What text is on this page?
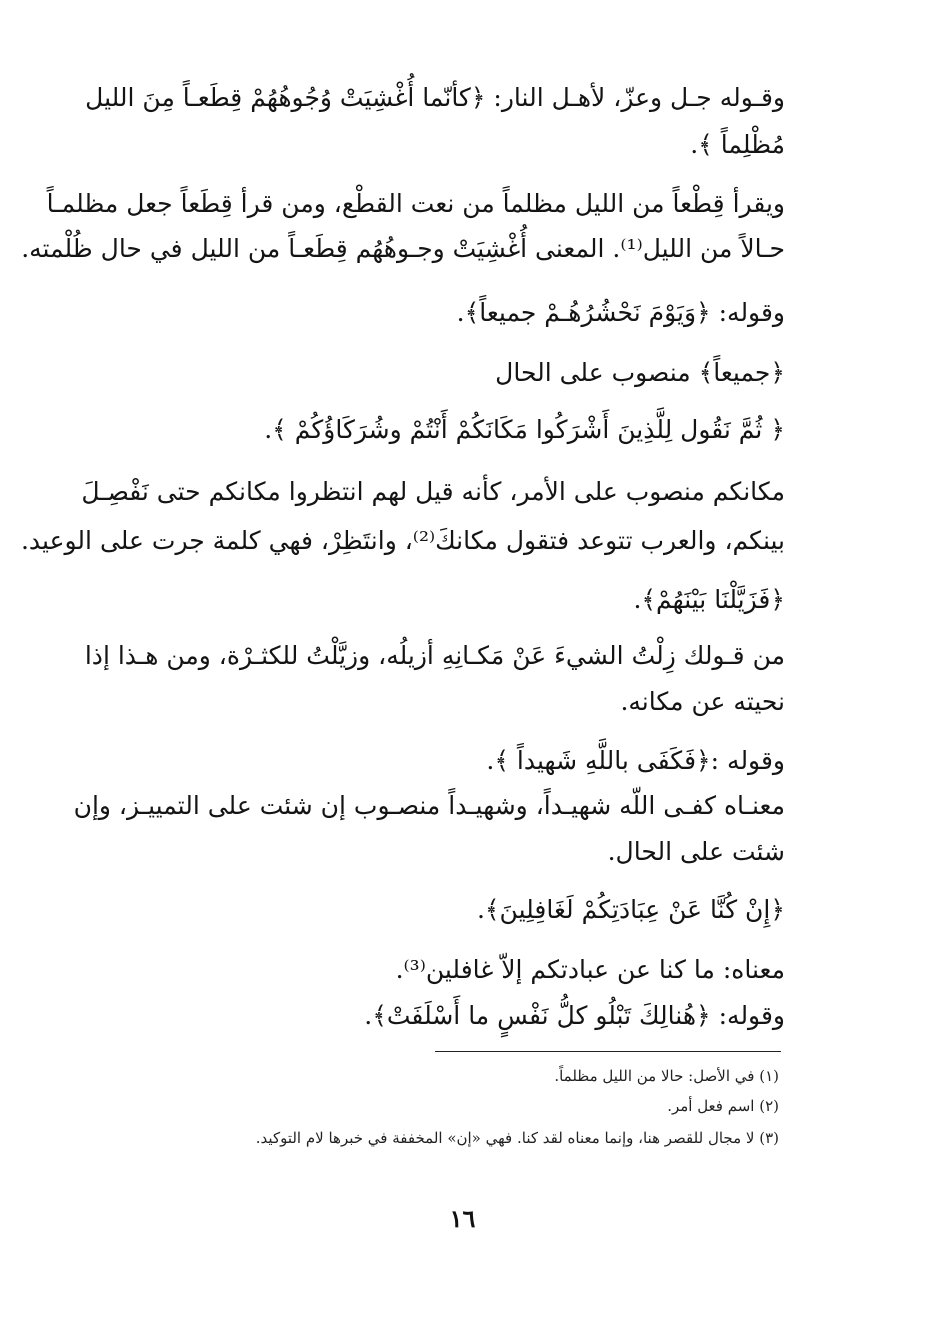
وقـوله جـل وعزّ، لأهـل النار: ﴿كأنّما أُغْشِيَتْ وُجُوهُهُمْ قِطَعـاً مِنَ الليل
مُظْلِماً ﴾.
ويقرأ قِطْعاً من الليل مظلماً من نعت القطْع، ومن قرأ قِطَعاً جعل مظلمـاً
حـالاً من الليل⁽¹⁾. المعنى أُغْشِيَتْ وجـوهُهُم قِطَعـاً من الليل في حال ظُلْمته.
وقوله: ﴿وَيَوْمَ نَحْشُرُهُـمْ جميعاً﴾.
﴿جميعاً﴾ منصوب على الحال
﴿ ثُمَّ نَقُول لِلَّذِينَ أَشْرَكُوا مَكَانَكُمْ أَنْتُمْ وشُرَكَاؤُكُمْ ﴾.
مكانكم منصوب على الأمر، كأنه قيل لهم انتظروا مكانكم حتى نَفْصِـلَ
بينكم، والعرب تتوعد فتقول مكانكَ⁽²⁾، وانتَظِرْ، فهي كلمة جرت على الوعيد.
﴿فَزَيَّلْنَا بَيْنَهُمْ﴾.
من قـولك زِلْتُ الشيءَ عَنْ مَكـانِهِ أزيلُه، وزيَّلْتُ للكثـرْة، ومن هـذا إذا
نحيته عن مكانه.
وقوله :﴿فَكَفَى باللَّهِ شَهيداً ﴾.
معنـاه كفـى اللّه شهيـداً، وشهيـداً منصـوب إن شئت على التمييـز، وإن
شئت على الحال.
﴿إِنْ كُنَّا عَنْ عِبَادَتِكُمْ لَغَافِلِينَ﴾.
معناه: ما كنا عن عبادتكم إلاّ غافلين⁽³⁾.
وقوله: ﴿هُنالِكَ تَبْلُو كلُّ نَفْسٍ ما أَسْلَفَتْ﴾.
(١) في الأصل: حالا من الليل مظلماً.
(٢) اسم فعل أمر.
(٣) لا مجال للقصر هنا، وإنما معناه لقد كنا. فهي «إن» المخففة في خبرها لام التوكيد.
١٦
